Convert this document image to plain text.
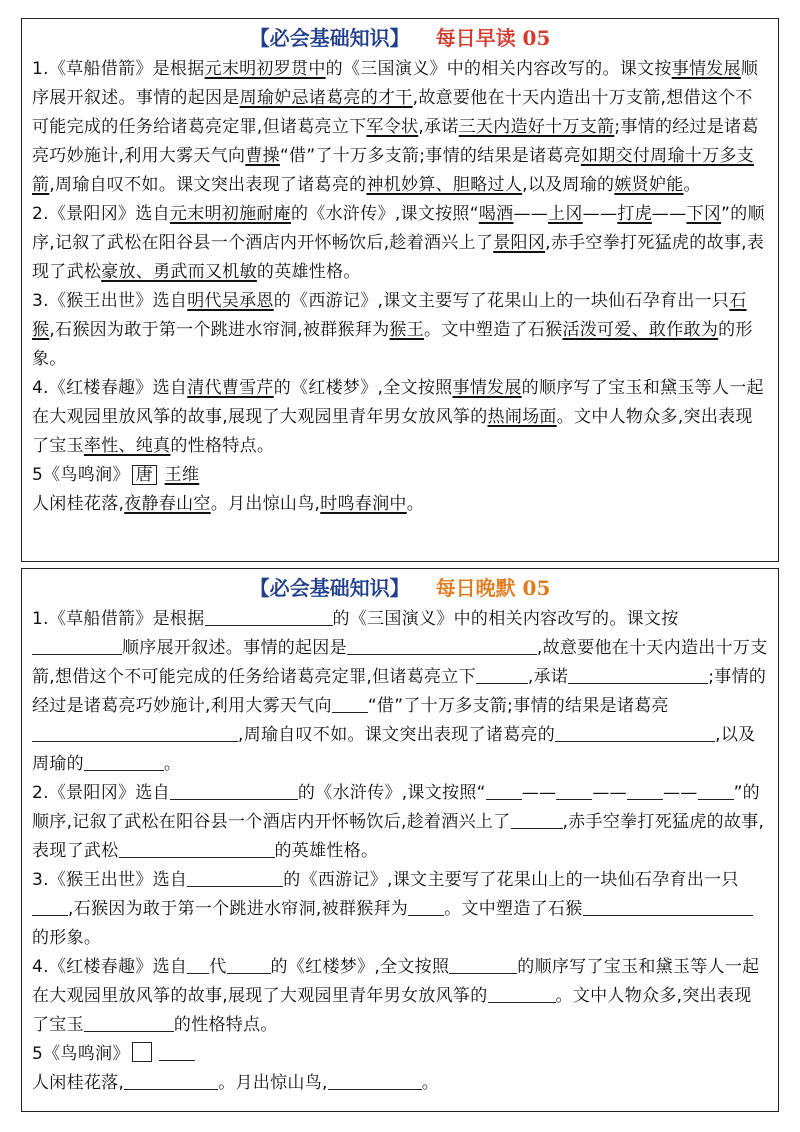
【必会基础知识】 每日早读 05

1.《草船借箭》是根据元末明初罗贯中的《三国演义》中的相关内容改写的。课文按事情发展顺序展开叙述。事情的起因是周瑜妒忌诸葛亮的才干,故意要他在十天内造出十万支箭,想借这个不可能完成的任务给诸葛亮定罪,但诸葛亮立下军令状,承诺三天内造好十万支箭;事情的经过是诸葛亮巧妙施计,利用大雾天气向曹操“借”了十万多支箭;事情的结果是诸葛亮如期交付周瑜十万多支箭,周瑜自叹不如。课文突出表现了诸葛亮的神机妙算、胆略过人,以及周瑜的嫉贤妒能。

2.《景阳冈》选自元末明初施耐庵的《水浒传》,课文按照“喝酒——上冈——打虎——下冈”的顺序,记叙了武松在阳谷县一个酒店内开怀畅饮后,趁着酒兴上了景阳冈,赤手空拳打死猛虎的故事,表现了武松豪放、勇武而又机敏的英雄性格。

3.《猴王出世》选自明代吴承恩的《西游记》,课文主要写了花果山上的一块仙石孕育出一只石猴,石猴因为敢于第一个跳进水帘洞,被群猴拜为猴王。文中塑造了石猴活泼可爱、敢作敢为的形象。

4.《红楼春趣》选自清代曹雪芹的《红楼梦》,全文按照事情发展的顺序写了宝玉和黛玉等人一起在大观园里放风筝的故事,展现了大观园里青年男女放风筝的热闹场面。文中人物众多,突出表现了宝玉率性、纯真的性格特点。

5《鸟鸣涧》 唐 王维

人闲桂花落,夜静春山空。月出惊山鸟,时鸣春涧中。

【必会基础知识】 每日晚默 05

1.《草船借箭》是根据	的《三国演义》中的相关内容改写的。课文按顺序展开叙述。事情的起因是	,故意要他在十天内造出十万支箭,想借这个不可能完成的任务给诸葛亮定罪,但诸葛亮立下	,承诺	;事情的经过是诸葛亮巧妙施计,利用大雾天气向 “借”了十万多支箭;事情的结果是诸葛亮,周瑜自叹不如。课文突出表现了诸葛亮的	,以及周瑜的	。

2.《景阳冈》选自	的《水浒传》,课文按照“ —— —— —— ”的顺序,记叙了武松在阳谷县一个酒店内开怀畅饮后,趁着酒兴上了	,赤手空拳打死猛虎的故事,表现了武松	的英雄性格。

3.《猴王出世》选自	的《西游记》,课文主要写了花果山上的一块仙石孕育出一只,石猴因为敢于第一个跳进水帘洞,被群猴拜为 。文中塑造了石猴的形象。

4.《红楼春趣》选自 代	的《红楼梦》,全文按照	的顺序写了宝玉和黛玉等人一起在大观园里放风筝的故事,展现了大观园里青年男女放风筝的	。文中人物众多,突出表现了宝玉	的性格特点。

5《鸟鸣涧》

人闲桂花落,	。月出惊山鸟,	。
